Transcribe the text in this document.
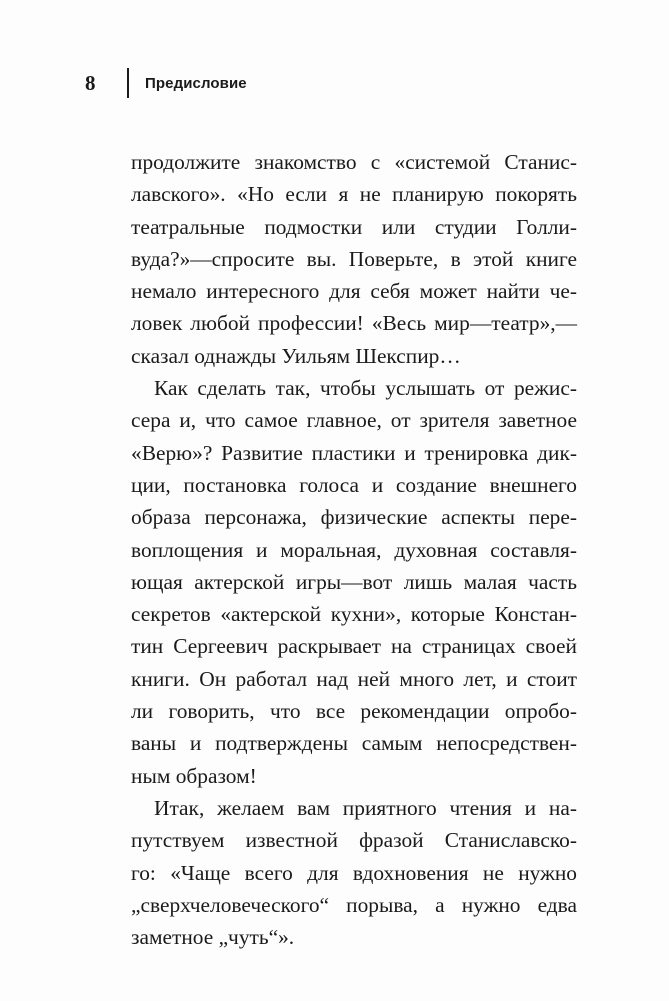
8	Предисловие
продолжите знакомство с «системой Станис-
лавского». «Но если я не планирую покорять
театральные подмостки или студии Голли-
вуда?»—спросите вы. Поверьте, в этой книге
немало интересного для себя может найти че-
ловек любой профессии! «Весь мир—театр»,—
сказал однажды Уильям Шекспир…
Как сделать так, чтобы услышать от режис-
сера и, что самое главное, от зрителя заветное
«Верю»? Развитие пластики и тренировка дик-
ции, постановка голоса и создание внешнего
образа персонажа, физические аспекты пере-
воплощения и моральная, духовная составля-
ющая актерской игры—вот лишь малая часть
секретов «актерской кухни», которые Констан-
тин Сергеевич раскрывает на страницах своей
книги. Он работал над ней много лет, и стоит
ли говорить, что все рекомендации опробо-
ваны и подтверждены самым непосредствен-
ным образом!
Итак, желаем вам приятного чтения и на-
путствуем известной фразой Станиславско-
го: «Чаще всего для вдохновения не нужно
„сверхчеловеческого“ порыва, а нужно едва
заметное „чуть“».
